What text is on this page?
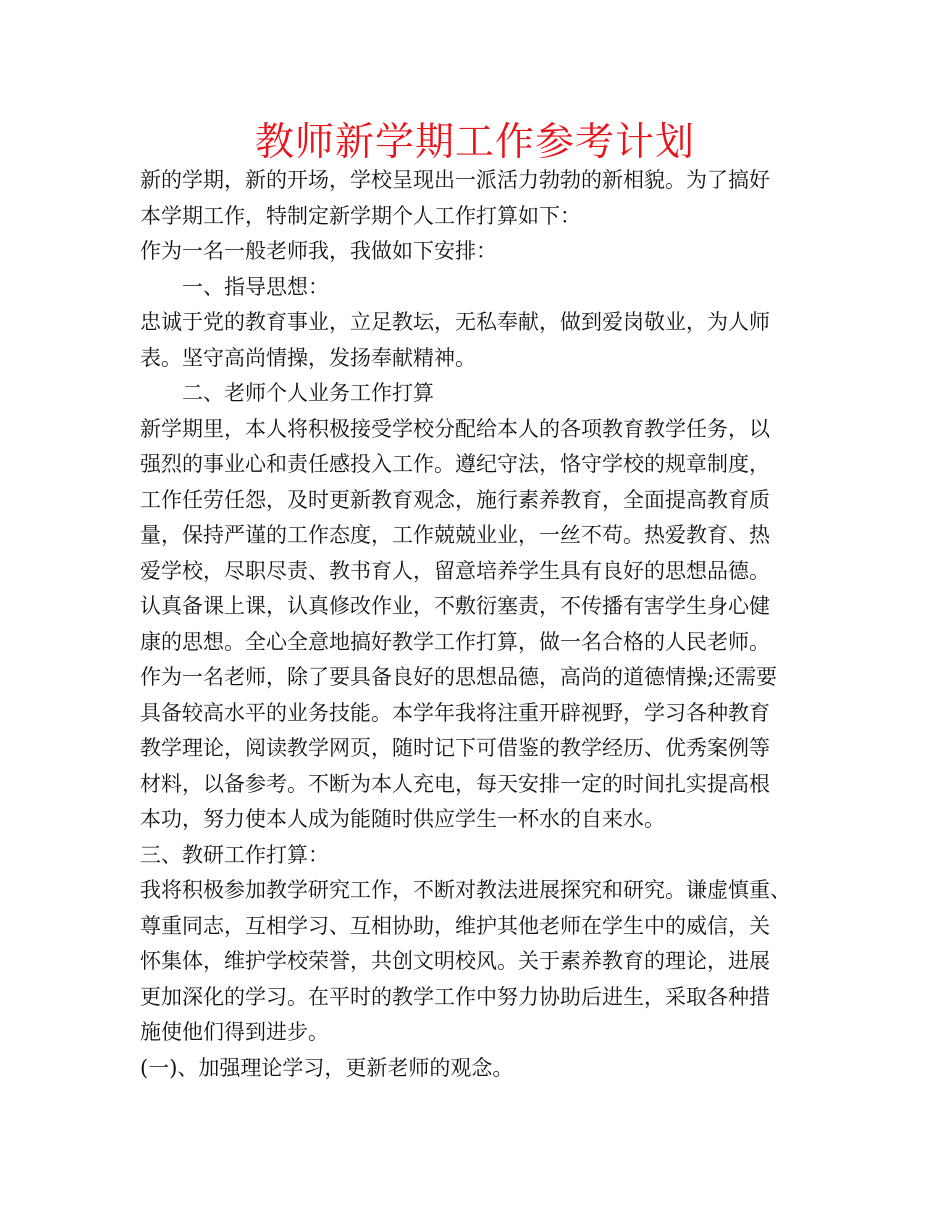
教师新学期工作参考计划
新的学期，新的开场，学校呈现出一派活力勃勃的新相貌。为了搞好
本学期工作，特制定新学期个人工作打算如下：
作为一名一般老师我，我做如下安排：
一、指导思想：
忠诚于党的教育事业，立足教坛，无私奉献，做到爱岗敬业，为人师
表。坚守高尚情操，发扬奉献精神。
二、老师个人业务工作打算
新学期里，本人将积极接受学校分配给本人的各项教育教学任务，以
强烈的事业心和责任感投入工作。遵纪守法，恪守学校的规章制度，
工作任劳任怨，及时更新教育观念，施行素养教育，全面提高教育质
量，保持严谨的工作态度，工作兢兢业业，一丝不苟。热爱教育、热
爱学校，尽职尽责、教书育人，留意培养学生具有良好的思想品德。
认真备课上课，认真修改作业，不敷衍塞责，不传播有害学生身心健
康的思想。全心全意地搞好教学工作打算，做一名合格的人民老师。
作为一名老师，除了要具备良好的思想品德，高尚的道德情操;还需要
具备较高水平的业务技能。本学年我将注重开辟视野，学习各种教育
教学理论，阅读教学网页，随时记下可借鉴的教学经历、优秀案例等
材料，以备参考。不断为本人充电，每天安排一定的时间扎实提高根
本功，努力使本人成为能随时供应学生一杯水的自来水。
三、教研工作打算：
我将积极参加教学研究工作，不断对教法进展探究和研究。谦虚慎重、
尊重同志，互相学习、互相协助，维护其他老师在学生中的威信，关
怀集体，维护学校荣誉，共创文明校风。关于素养教育的理论，进展
更加深化的学习。在平时的教学工作中努力协助后进生，采取各种措
施使他们得到进步。
(一)、加强理论学习，更新老师的观念。
